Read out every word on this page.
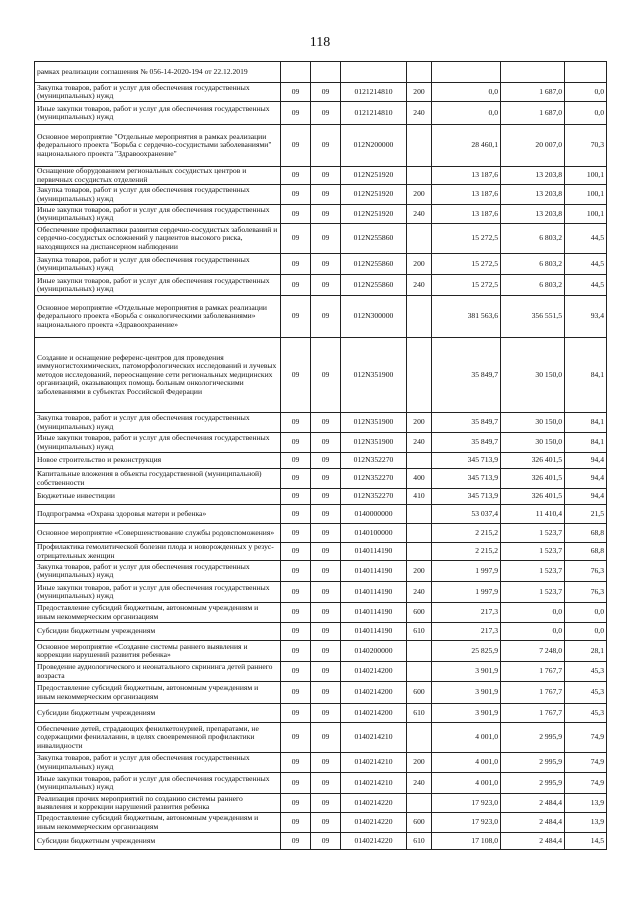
118
рамках реализации соглашения № 056-14-2020-194 от 22.12.2019							
Закупка товаров, работ и услуг для обеспечения государственных (муниципальных) нужд	09	09	0121214810	200	0,0	1 687,0	0,0
Иные закупки товаров, работ и услуг для обеспечения государственных (муниципальных) нужд	09	09	0121214810	240	0,0	1 687,0	0,0
Основное мероприятие "Отдельные мероприятия в рамках реализации федерального проекта "Борьба с сердечно-сосудистыми заболеваниями" национального проекта "Здравоохранение"	09	09	012N200000		28 460,1	20 007,0	70,3
Оснащение оборудованием региональных сосудистых центров и первичных сосудистых отделений	09	09	012N251920		13 187,6	13 203,8	100,1
Закупка товаров, работ и услуг для обеспечения государственных (муниципальных) нужд	09	09	012N251920	200	13 187,6	13 203,8	100,1
Иные закупки товаров, работ и услуг для обеспечения государственных (муниципальных) нужд	09	09	012N251920	240	13 187,6	13 203,8	100,1
Обеспечение профилактики развития сердечно-сосудистых заболеваний и сердечно-сосудистых осложнений у пациентов высокого риска, находящихся на диспансерном наблюдении	09	09	012N255860		15 272,5	6 803,2	44,5
Закупка товаров, работ и услуг для обеспечения государственных (муниципальных) нужд	09	09	012N255860	200	15 272,5	6 803,2	44,5
Иные закупки товаров, работ и услуг для обеспечения государственных (муниципальных) нужд	09	09	012N255860	240	15 272,5	6 803,2	44,5
Основное мероприятие «Отдельные мероприятия в рамках реализации федерального проекта «Борьба с онкологическими заболеваниями» национального проекта «Здравоохранение»	09	09	012N300000		381 563,6	356 551,5	93,4
Создание и оснащение референс-центров для проведения иммуногистохимических, патоморфологических исследований и лучевых методов исследований, переоснащение сети региональных медицинских организаций, оказывающих помощь больным онкологическими заболеваниями в субъектах Российской Федерации	09	09	012N351900		35 849,7	30 150,0	84,1
Закупка товаров, работ и услуг для обеспечения государственных (муниципальных) нужд	09	09	012N351900	200	35 849,7	30 150,0	84,1
Иные закупки товаров, работ и услуг для обеспечения государственных (муниципальных) нужд	09	09	012N351900	240	35 849,7	30 150,0	84,1
Новое строительство и реконструкция	09	09	012N352270		345 713,9	326 401,5	94,4
Капитальные вложения в объекты государственной (муниципальной) собственности	09	09	012N352270	400	345 713,9	326 401,5	94,4
Бюджетные инвестиции	09	09	012N352270	410	345 713,9	326 401,5	94,4
Подпрограмма «Охрана здоровья матери и ребенка»	09	09	0140000000		53 037,4	11 410,4	21,5
Основное мероприятие «Совершенствование службы родовспоможения»	09	09	0140100000		2 215,2	1 523,7	68,8
Профилактика гемолитической болезни плода и новорожденных у резус-отрицательных женщин	09	09	0140114190		2 215,2	1 523,7	68,8
Закупка товаров, работ и услуг для обеспечения государственных (муниципальных) нужд	09	09	0140114190	200	1 997,9	1 523,7	76,3
Иные закупки товаров, работ и услуг для обеспечения государственных (муниципальных) нужд	09	09	0140114190	240	1 997,9	1 523,7	76,3
Предоставление субсидий бюджетным, автономным учреждениям и иным некоммерческим организациям	09	09	0140114190	600	217,3	0,0	0,0
Субсидии бюджетным учреждениям	09	09	0140114190	610	217,3	0,0	0,0
Основное мероприятие «Создание системы раннего выявления и коррекции нарушений развития ребенка»	09	09	0140200000		25 825,9	7 248,0	28,1
Проведение аудиологического и неонатального скрининга детей раннего возраста	09	09	0140214200		3 901,9	1 767,7	45,3
Предоставление субсидий бюджетным, автономным учреждениям и иным некоммерческим организациям	09	09	0140214200	600	3 901,9	1 767,7	45,3
Субсидии бюджетным учреждениям	09	09	0140214200	610	3 901,9	1 767,7	45,3
Обеспечение детей, страдающих фенилкетонурией, препаратами, не содержащими фенилаланин, в целях своевременной профилактики инвалидности	09	09	0140214210		4 001,0	2 995,9	74,9
Закупка товаров, работ и услуг для обеспечения государственных (муниципальных) нужд	09	09	0140214210	200	4 001,0	2 995,9	74,9
Иные закупки товаров, работ и услуг для обеспечения государственных (муниципальных) нужд	09	09	0140214210	240	4 001,0	2 995,9	74,9
Реализация прочих мероприятий по созданию системы раннего выявления и коррекции нарушений развития ребенка	09	09	0140214220		17 923,0	2 484,4	13,9
Предоставление субсидий бюджетным, автономным учреждениям и иным некоммерческим организациям	09	09	0140214220	600	17 923,0	2 484,4	13,9
Субсидии бюджетным учреждениям	09	09	0140214220	610	17 108,0	2 484,4	14,5
